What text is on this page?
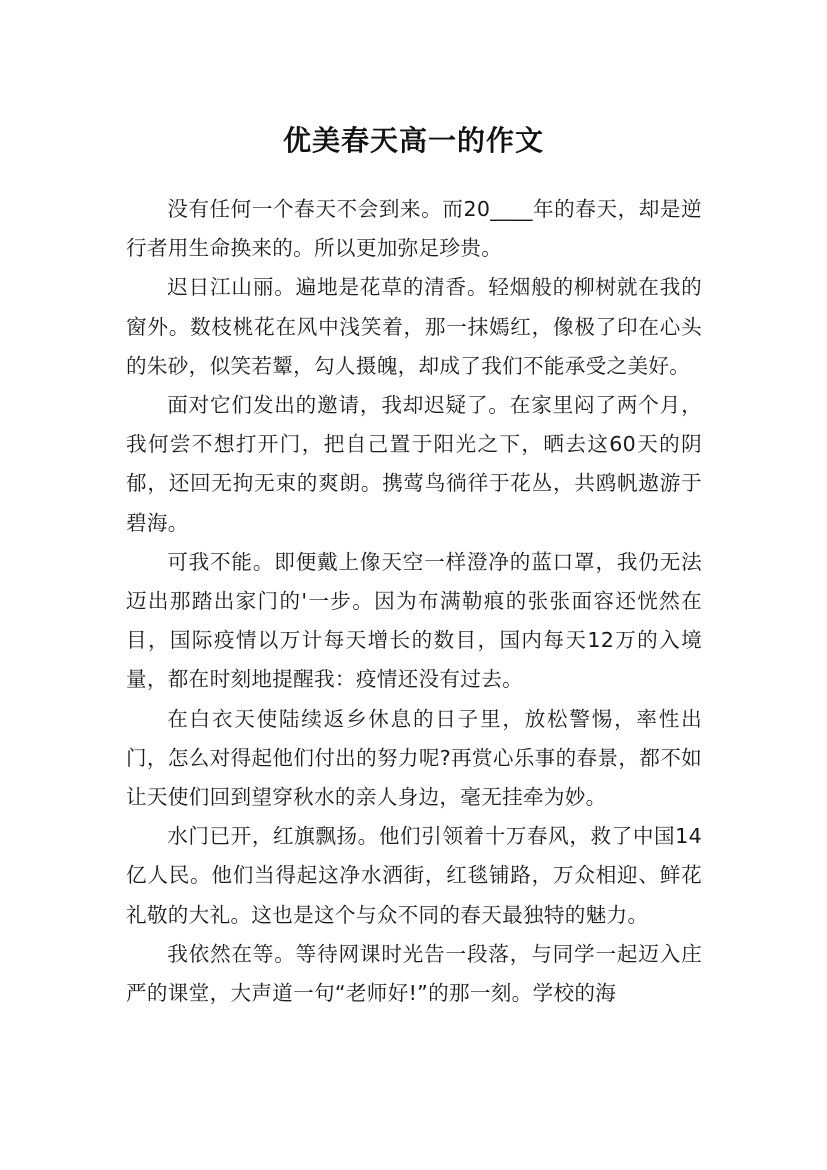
优美春天高一的作文

没有任何一个春天不会到来。而20____年的春天，却是逆行者用生命换来的。所以更加弥足珍贵。

迟日江山丽。遍地是花草的清香。轻烟般的柳树就在我的窗外。数枝桃花在风中浅笑着，那一抹嫣红，像极了印在心头的朱砂，似笑若颦，勾人摄魄，却成了我们不能承受之美好。

面对它们发出的邀请，我却迟疑了。在家里闷了两个月，我何尝不想打开门，把自己置于阳光之下，晒去这60天的阴郁，还回无拘无束的爽朗。携莺鸟徜徉于花丛，共鸥帆遨游于碧海。

可我不能。即便戴上像天空一样澄净的蓝口罩，我仍无法迈出那踏出家门的'一步。因为布满勒痕的张张面容还恍然在目，国际疫情以万计每天增长的数目，国内每天12万的入境量，都在时刻地提醒我：疫情还没有过去。

在白衣天使陆续返乡休息的日子里，放松警惕，率性出门，怎么对得起他们付出的努力呢?再赏心乐事的春景，都不如让天使们回到望穿秋水的亲人身边，毫无挂牵为妙。

水门已开，红旗飘扬。他们引领着十万春风，救了中国14亿人民。他们当得起这净水洒街，红毯铺路，万众相迎、鲜花礼敬的大礼。这也是这个与众不同的春天最独特的魅力。

我依然在等。等待网课时光告一段落，与同学一起迈入庄严的课堂，大声道一句“老师好!”的那一刻。学校的海
